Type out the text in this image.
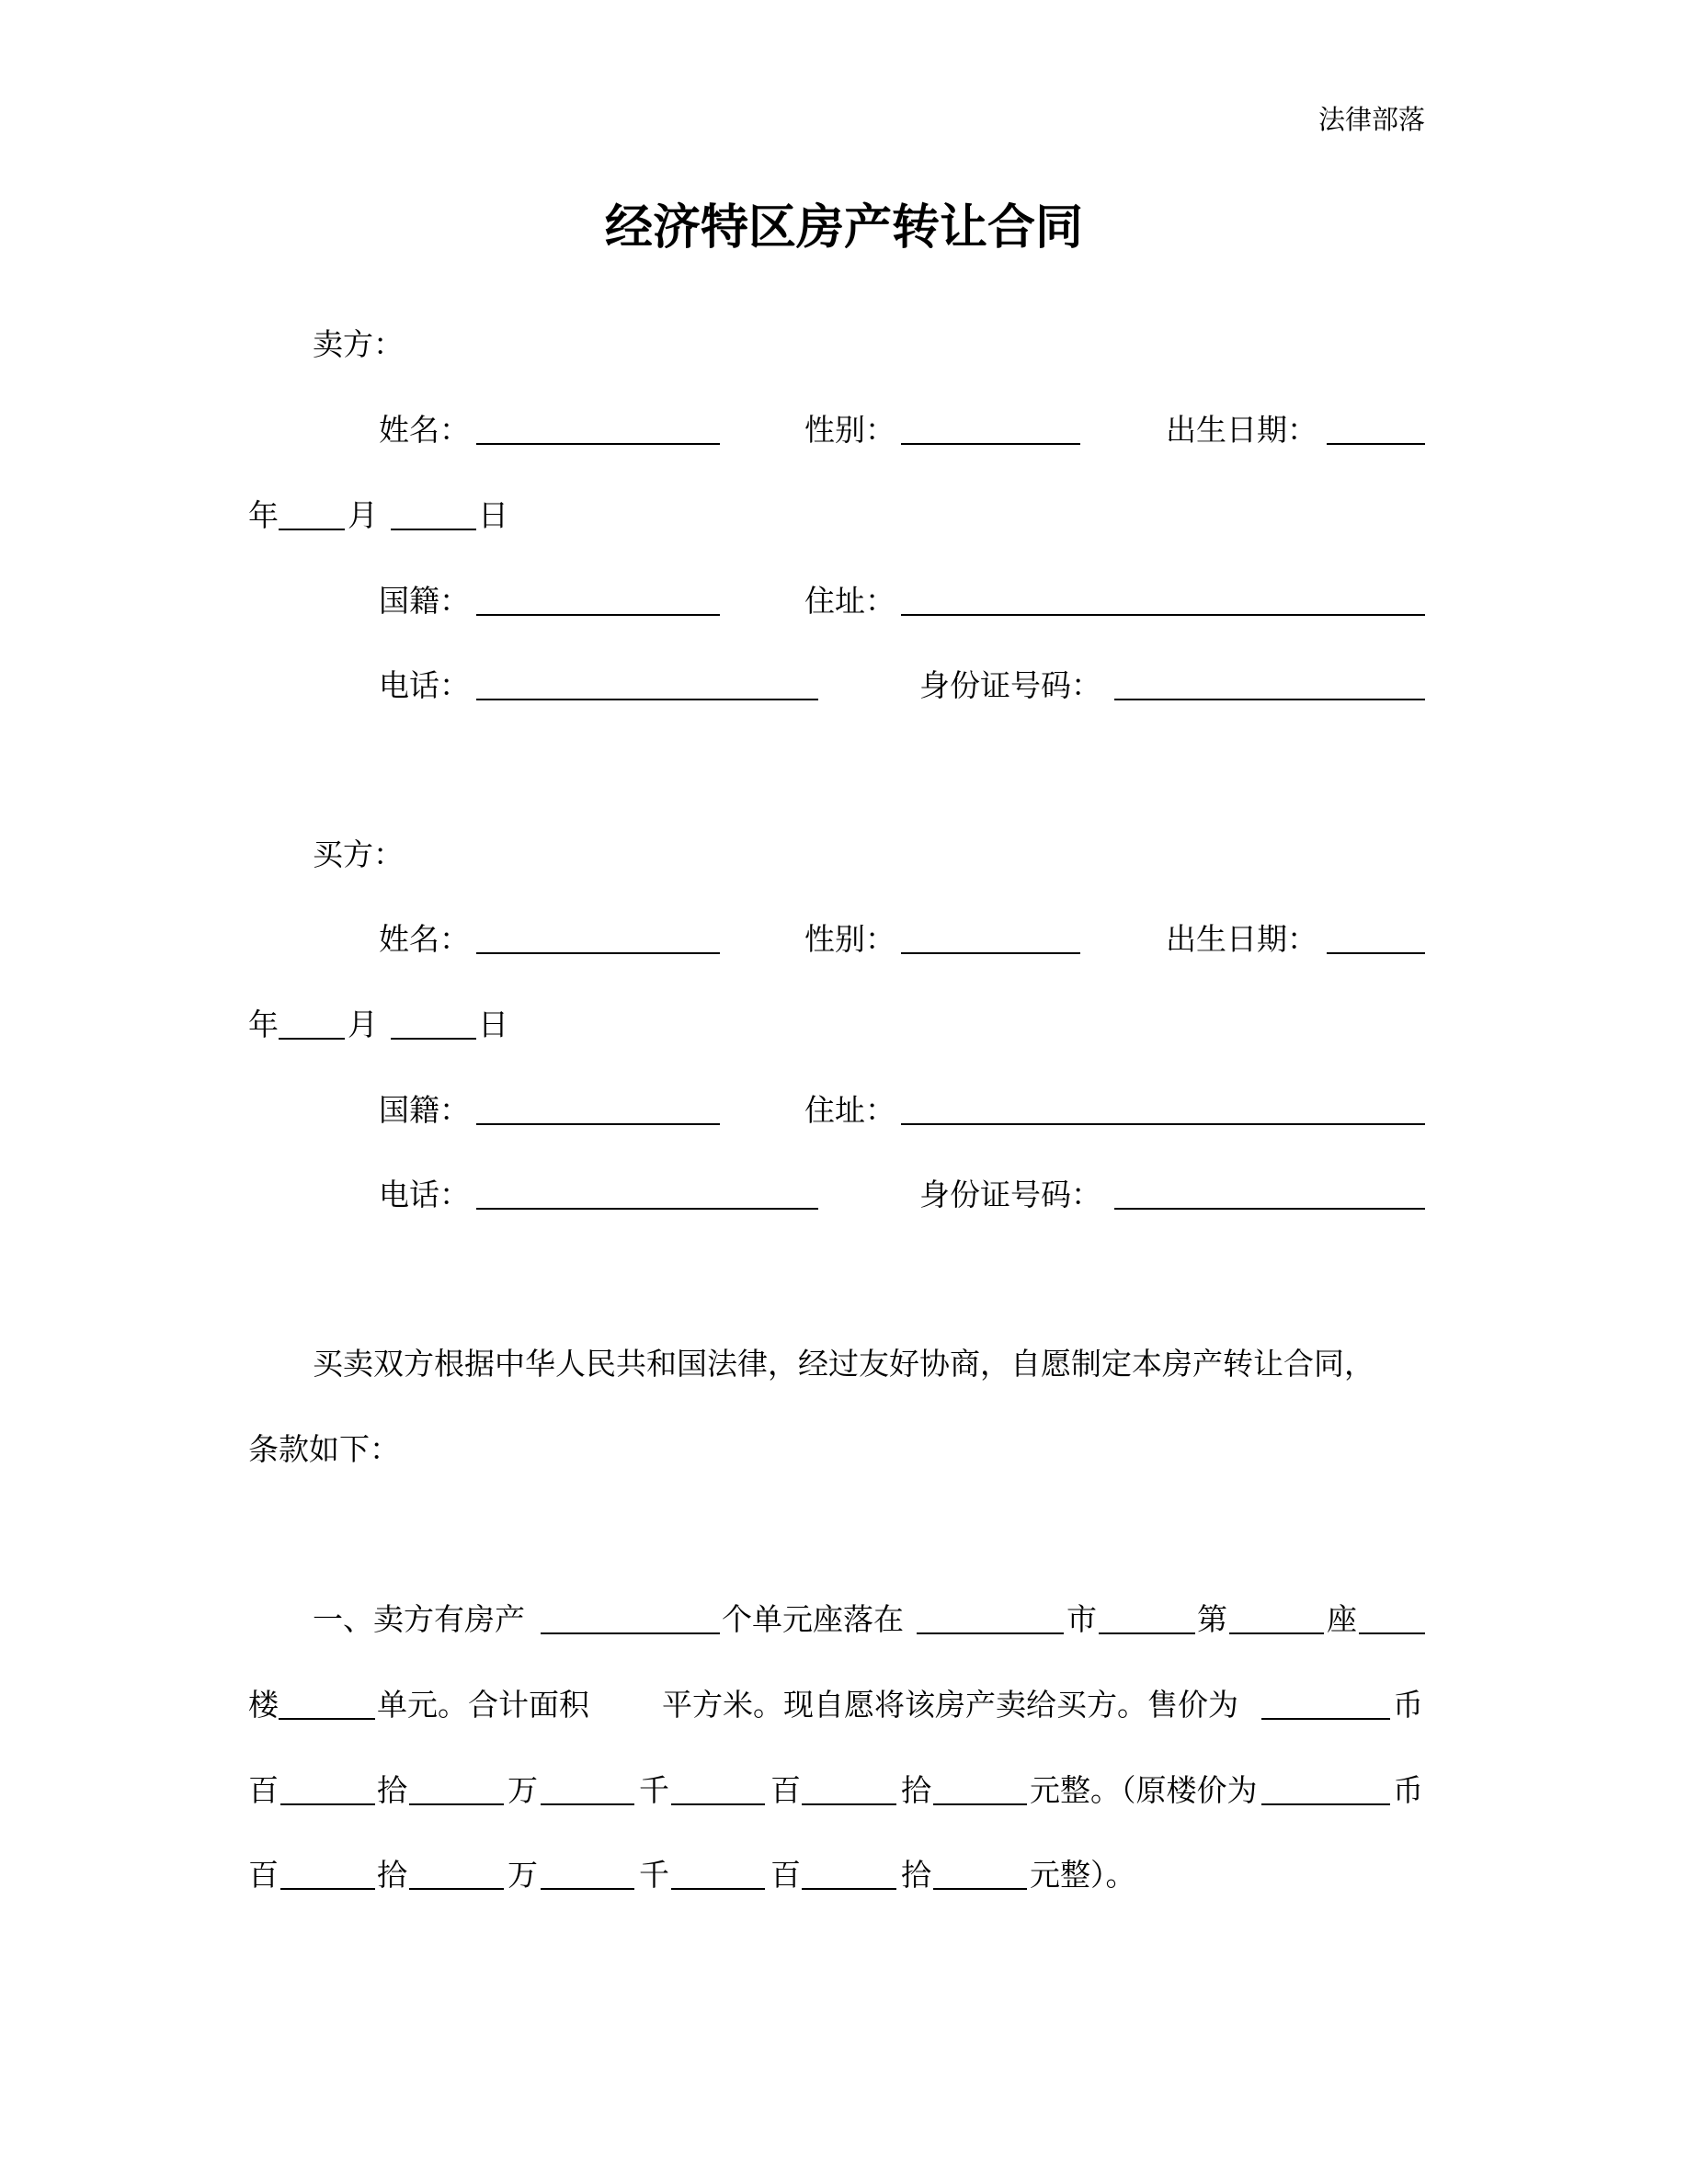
法律部落
经济特区房产转让合同
卖方：
姓名：	性别：	出生日期：
年 月	日
国籍：	住址：
电话：	身份证号码：
买方：
姓名：	性别：	出生日期：
年 月	日
国籍：	住址：
电话：	身份证号码：
买卖双方根据中华人民共和国法律，经过友好协商，自愿制定本房产转让合同，
条款如下：
一、卖方有房产	个单元座落在	市	第	座
楼	单元。合计面积 平方米。现自愿将该房产卖给买方。售价为	币
百	拾	万	千	百	拾	元整。（原楼价为	币
百	拾	万	千	百	拾	元整）。
